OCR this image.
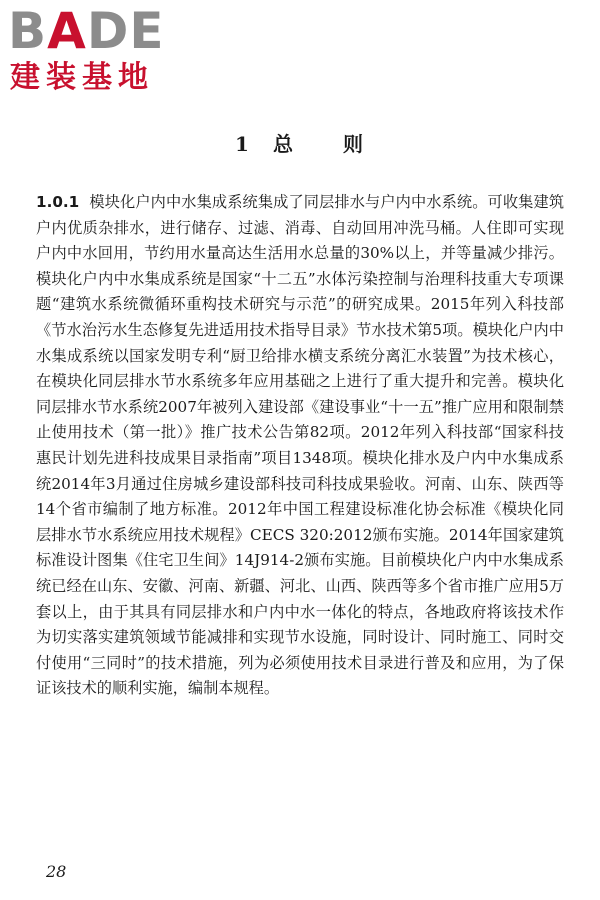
BADE
建装基地
1 总 则

1.0.1 模块化户内中水集成系统集成了同层排水与户内中水系统。可收集建筑户内优质杂排水，进行储存、过滤、消毒、自动回用冲洗马桶。人住即可实现户内中水回用，节约用水量高达生活用水总量的30%以上，并等量减少排污。模块化户内中水集成系统是国家“十二五”水体污染控制与治理科技重大专项课题“建筑水系统微循环重构技术研究与示范”的研究成果。2015年列入科技部《节水治污水生态修复先进适用技术指导目录》节水技术第5项。模块化户内中水集成系统以国家发明专利“厨卫给排水横支系统分离汇水装置”为技术核心，在模块化同层排水节水系统多年应用基础之上进行了重大提升和完善。模块化同层排水节水系统2007年被列入建设部《建设事业“十一五”推广应用和限制禁止使用技术（第一批）》推广技术公告第82项。2012年列入科技部“国家科技惠民计划先进科技成果目录指南”项目1348项。模块化排水及户内中水集成系统2014年3月通过住房城乡建设部科技司科技成果验收。河南、山东、陕西等14个省市编制了地方标准。2012年中国工程建设标准化协会标准《模块化同层排水节水系统应用技术规程》CECS 320:2012颁布实施。2014年国家建筑标准设计图集《住宅卫生间》14J914-2颁布实施。目前模块化户内中水集成系统已经在山东、安徽、河南、新疆、河北、山西、陕西等多个省市推广应用5万套以上，由于其具有同层排水和户内中水一体化的特点，各地政府将该技术作为切实落实建筑领域节能减排和实现节水设施，同时设计、同时施工、同时交付使用“三同时”的技术措施，列为必须使用技术目录进行普及和应用，为了保证该技术的顺利实施，编制本规程。

28
